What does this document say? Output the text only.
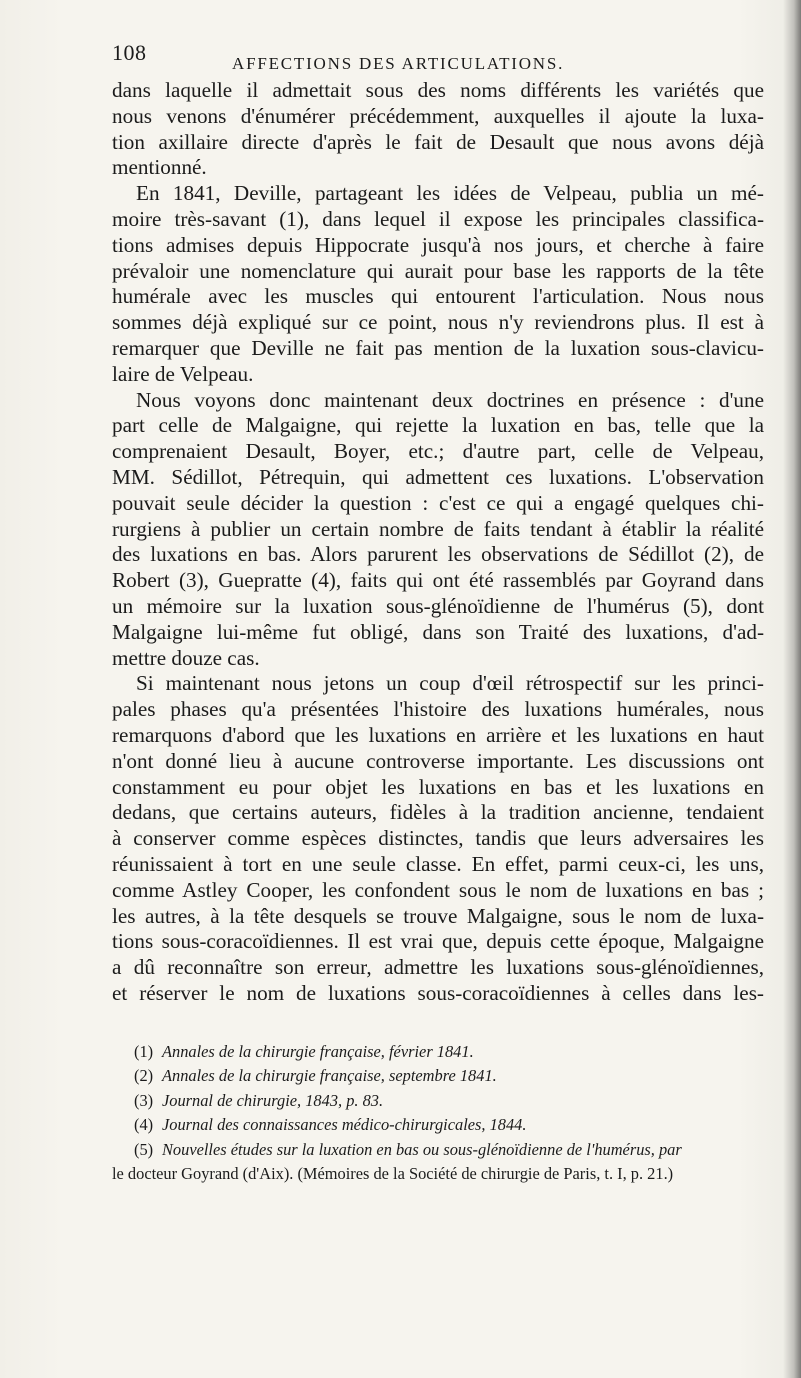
108	AFFECTIONS DES ARTICULATIONS.
dans laquelle il admettait sous des noms différents les variétés que
nous venons d'énumérer précédemment, auxquelles il ajoute la luxa-
tion axillaire directe d'après le fait de Desault que nous avons déjà
mentionné.
En 1841, Deville, partageant les idées de Velpeau, publia un mé-
moire très-savant (1), dans lequel il expose les principales classifica-
tions admises depuis Hippocrate jusqu'à nos jours, et cherche à faire
prévaloir une nomenclature qui aurait pour base les rapports de la tête
humérale avec les muscles qui entourent l'articulation. Nous nous
sommes déjà expliqué sur ce point, nous n'y reviendrons plus. Il est à
remarquer que Deville ne fait pas mention de la luxation sous-clavicu-
laire de Velpeau.
Nous voyons donc maintenant deux doctrines en présence : d'une
part celle de Malgaigne, qui rejette la luxation en bas, telle que la
comprenaient Desault, Boyer, etc.; d'autre part, celle de Velpeau,
MM. Sédillot, Pétrequin, qui admettent ces luxations. L'observation
pouvait seule décider la question : c'est ce qui a engagé quelques chi-
rurgiens à publier un certain nombre de faits tendant à établir la réalité
des luxations en bas. Alors parurent les observations de Sédillot (2), de
Robert (3), Guepratte (4), faits qui ont été rassemblés par Goyrand dans
un mémoire sur la luxation sous-glénoïdienne de l'humérus (5), dont
Malgaigne lui-même fut obligé, dans son Traité des luxations, d'ad-
mettre douze cas.
Si maintenant nous jetons un coup d'œil rétrospectif sur les princi-
pales phases qu'a présentées l'histoire des luxations humérales, nous
remarquons d'abord que les luxations en arrière et les luxations en haut
n'ont donné lieu à aucune controverse importante. Les discussions ont
constamment eu pour objet les luxations en bas et les luxations en
dedans, que certains auteurs, fidèles à la tradition ancienne, tendaient
à conserver comme espèces distinctes, tandis que leurs adversaires les
réunissaient à tort en une seule classe. En effet, parmi ceux-ci, les uns,
comme Astley Cooper, les confondent sous le nom de luxations en bas ;
les autres, à la tête desquels se trouve Malgaigne, sous le nom de luxa-
tions sous-coracoïdiennes. Il est vrai que, depuis cette époque, Malgaigne
a dû reconnaître son erreur, admettre les luxations sous-glénoïdiennes,
et réserver le nom de luxations sous-coracoïdiennes à celles dans les-
(1) Annales de la chirurgie française, février 1841.
(2) Annales de la chirurgie française, septembre 1841.
(3) Journal de chirurgie, 1843, p. 83.
(4) Journal des connaissances médico-chirurgicales, 1844.
(5) Nouvelles études sur la luxation en bas ou sous-glénoïdienne de l'humérus, par
le docteur Goyrand (d'Aix). (Mémoires de la Société de chirurgie de Paris, t. I, p. 21.)
